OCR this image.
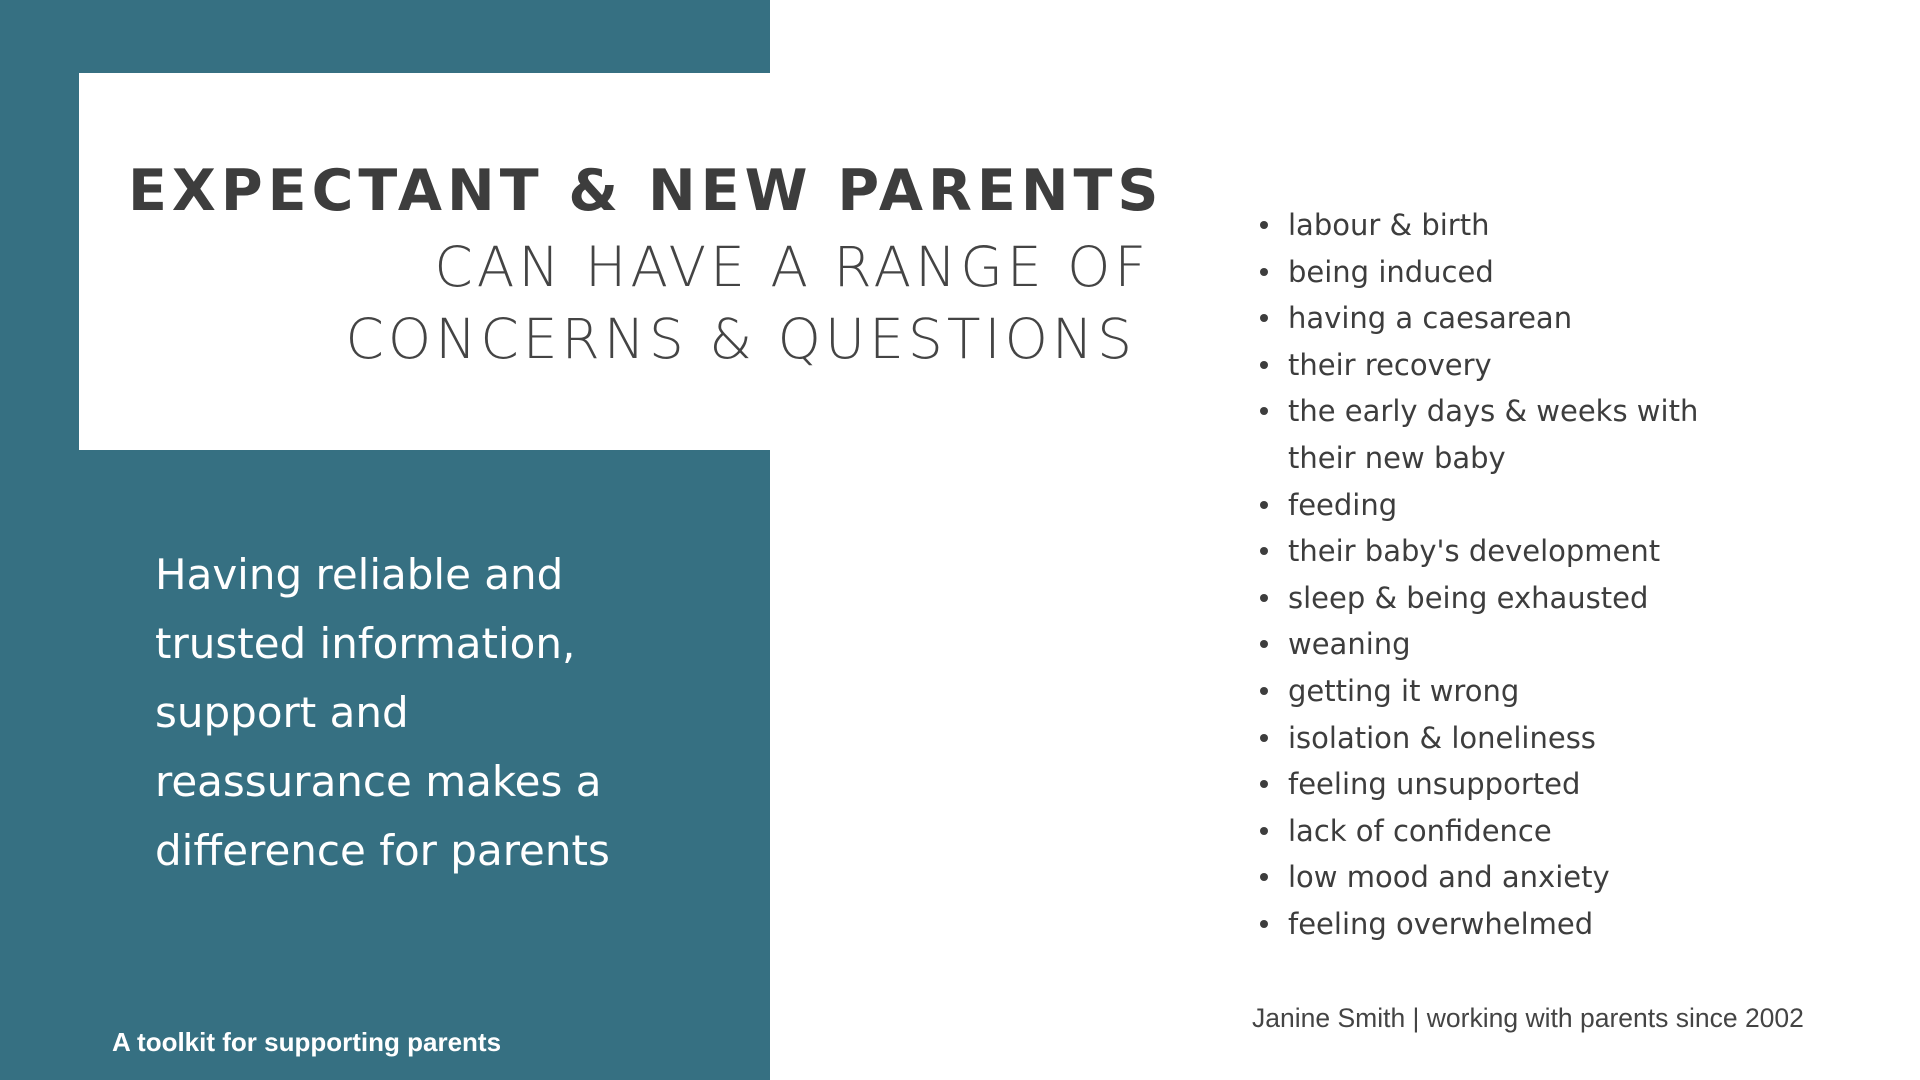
EXPECTANT & NEW PARENTS
CAN HAVE A RANGE OF
CONCERNS & QUESTIONS
Having reliable and
trusted information,
support and
reassurance makes a
difference for parents
A toolkit for supporting parents
labour & birth
being induced
having a caesarean
their recovery
the early days & weeks with
their new baby
feeding
their baby's development
sleep & being exhausted
weaning
getting it wrong
isolation & loneliness
feeling unsupported
lack of confidence
low mood and anxiety
feeling overwhelmed
Janine Smith | working with parents since 2002
